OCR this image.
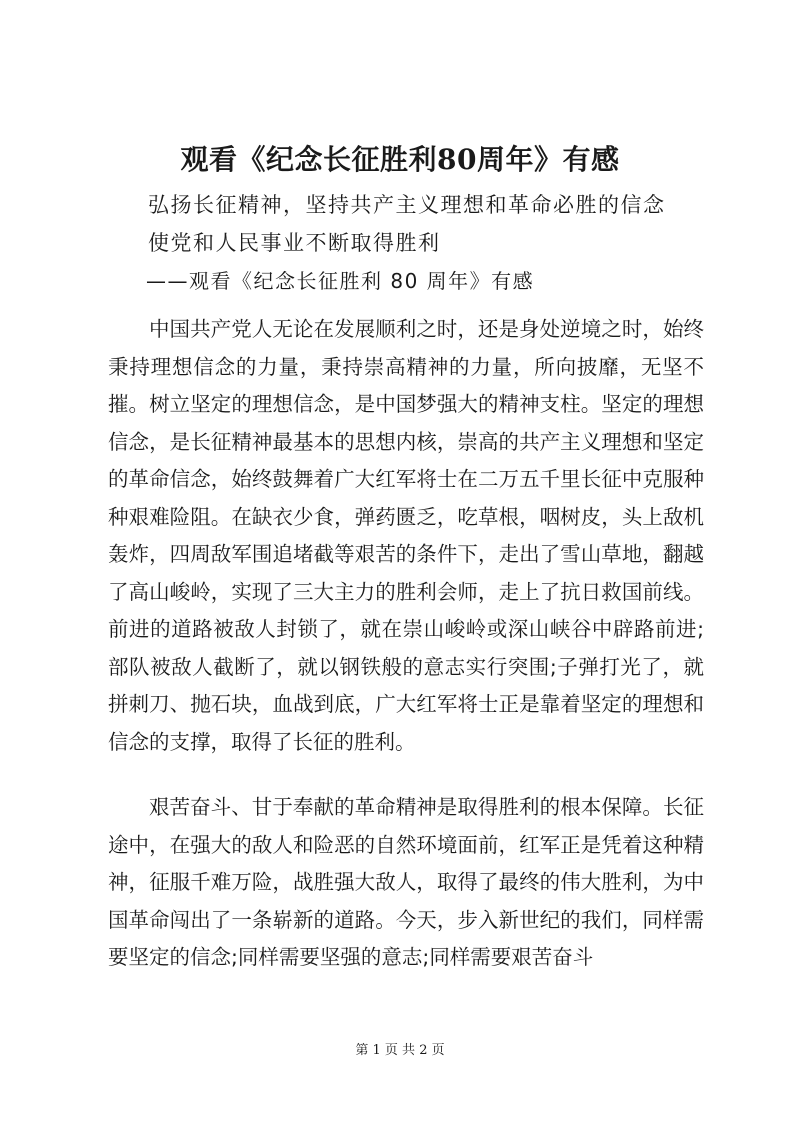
观看《纪念长征胜利80周年》有感
弘扬长征精神，坚持共产主义理想和革命必胜的信念
使党和人民事业不断取得胜利
——观看《纪念长征胜利 80 周年》有感

中国共产党人无论在发展顺利之时，还是身处逆境之时，始终秉持理想信念的力量，秉持崇高精神的力量，所向披靡，无坚不摧。树立坚定的理想信念，是中国梦强大的精神支柱。坚定的理想信念，是长征精神最基本的思想内核，崇高的共产主义理想和坚定的革命信念，始终鼓舞着广大红军将士在二万五千里长征中克服种种艰难险阻。在缺衣少食，弹药匮乏，吃草根，咽树皮，头上敌机轰炸，四周敌军围追堵截等艰苦的条件下，走出了雪山草地，翻越了高山峻岭，实现了三大主力的胜利会师，走上了抗日救国前线。前进的道路被敌人封锁了，就在崇山峻岭或深山峡谷中辟路前进;部队被敌人截断了，就以钢铁般的意志实行突围;子弹打光了，就拼刺刀、抛石块，血战到底，广大红军将士正是靠着坚定的理想和信念的支撑，取得了长征的胜利。

艰苦奋斗、甘于奉献的革命精神是取得胜利的根本保障。长征途中，在强大的敌人和险恶的自然环境面前，红军正是凭着这种精神，征服千难万险，战胜强大敌人，取得了最终的伟大胜利，为中国革命闯出了一条崭新的道路。今天，步入新世纪的我们，同样需要坚定的信念;同样需要坚强的意志;同样需要艰苦奋斗

第 1 页 共 2 页
